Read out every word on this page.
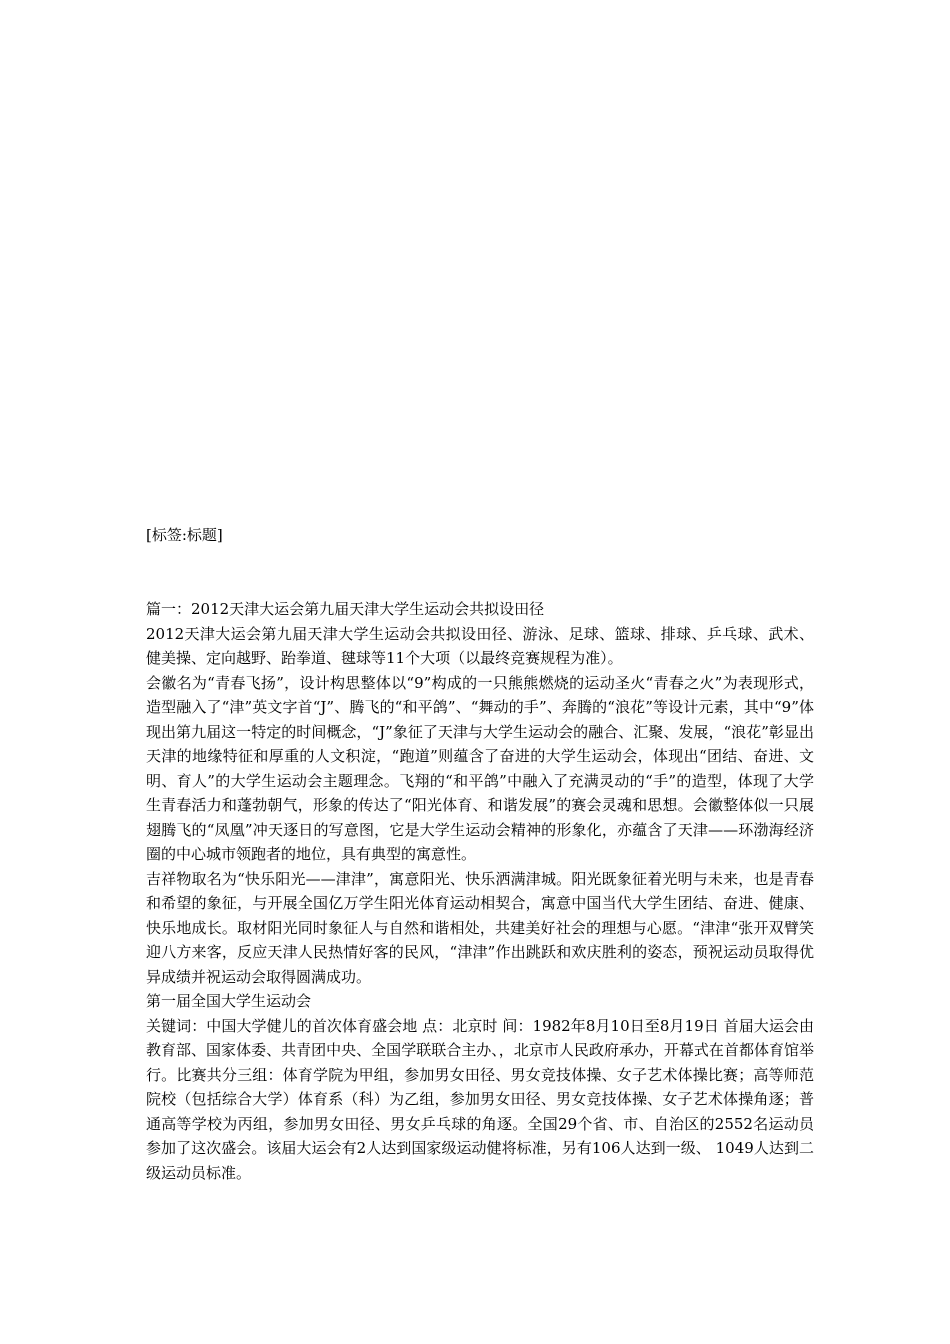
[标签:标题]

篇一：2012天津大运会第九届天津大学生运动会共拟设田径

2012天津大运会第九届天津大学生运动会共拟设田径、游泳、足球、篮球、排球、乒乓球、武术、健美操、定向越野、跆拳道、毽球等11个大项（以最终竞赛规程为准）。

会徽名为“青春飞扬”，设计构思整体以“9”构成的一只熊熊燃烧的运动圣火“青春之火”为表现形式，造型融入了“津”英文字首“J”、腾飞的“和平鸽”、“舞动的手”、奔腾的“浪花”等设计元素，其中“9”体现出第九届这一特定的时间概念，“J”象征了天津与大学生运动会的融合、汇聚、发展，“浪花”彰显出天津的地缘特征和厚重的人文积淀，“跑道”则蕴含了奋进的大学生运动会，体现出“团结、奋进、文明、育人”的大学生运动会主题理念。飞翔的“和平鸽”中融入了充满灵动的“手”的造型，体现了大学生青春活力和蓬勃朝气，形象的传达了“阳光体育、和谐发展”的赛会灵魂和思想。会徽整体似一只展翅腾飞的“凤凰”冲天逐日的写意图，它是大学生运动会精神的形象化，亦蕴含了天津——环渤海经济圈的中心城市领跑者的地位，具有典型的寓意性。

吉祥物取名为“快乐阳光——津津”，寓意阳光、快乐洒满津城。阳光既象征着光明与未来，也是青春和希望的象征，与开展全国亿万学生阳光体育运动相契合，寓意中国当代大学生团结、奋进、健康、快乐地成长。取材阳光同时象征人与自然和谐相处，共建美好社会的理想与心愿。“津津“张开双臂笑迎八方来客，反应天津人民热情好客的民风，“津津”作出跳跃和欢庆胜利的姿态，预祝运动员取得优异成绩并祝运动会取得圆满成功。

第一届全国大学生运动会

关键词：中国大学健儿的首次体育盛会地 点：北京时 间：1982年8月10日至8月19日 首届大运会由教育部、国家体委、共青团中央、全国学联联合主办、，北京市人民政府承办，开幕式在首都体育馆举行。比赛共分三组：体育学院为甲组，参加男女田径、男女竞技体操、女子艺术体操比赛；高等师范院校（包括综合大学）体育系（科）为乙组，参加男女田径、男女竞技体操、女子艺术体操角逐；普通高等学校为丙组，参加男女田径、男女乒乓球的角逐。全国29个省、市、自治区的2552名运动员参加了这次盛会。该届大运会有2人达到国家级运动健将标准，另有106人达到一级、 1049人达到二级运动员标准。
